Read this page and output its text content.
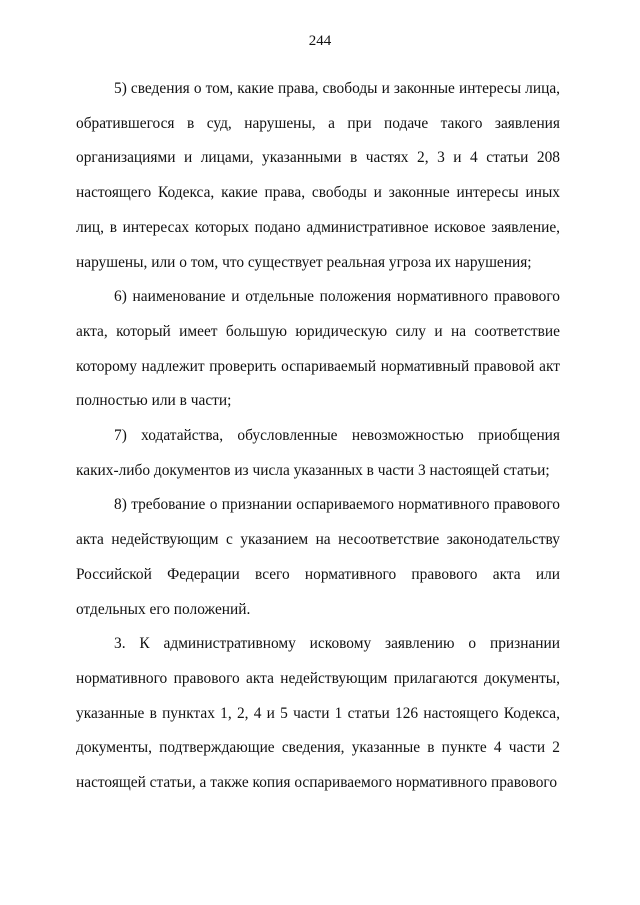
244

5) сведения о том, какие права, свободы и законные интересы лица, обратившегося в суд, нарушены, а при подаче такого заявления организациями и лицами, указанными в частях 2, 3 и 4 статьи 208 настоящего Кодекса, какие права, свободы и законные интересы иных лиц, в интересах которых подано административное исковое заявление, нарушены, или о том, что существует реальная угроза их нарушения;

6) наименование и отдельные положения нормативного правового акта, который имеет большую юридическую силу и на соответствие которому надлежит проверить оспариваемый нормативный правовой акт полностью или в части;

7) ходатайства, обусловленные невозможностью приобщения каких-либо документов из числа указанных в части 3 настоящей статьи;

8) требование о признании оспариваемого нормативного правового акта недействующим с указанием на несоответствие законодательству Российской Федерации всего нормативного правового акта или отдельных его положений.

3. К административному исковому заявлению о признании нормативного правового акта недействующим прилагаются документы, указанные в пунктах 1, 2, 4 и 5 части 1 статьи 126 настоящего Кодекса, документы, подтверждающие сведения, указанные в пункте 4 части 2 настоящей статьи, а также копия оспариваемого нормативного правового
